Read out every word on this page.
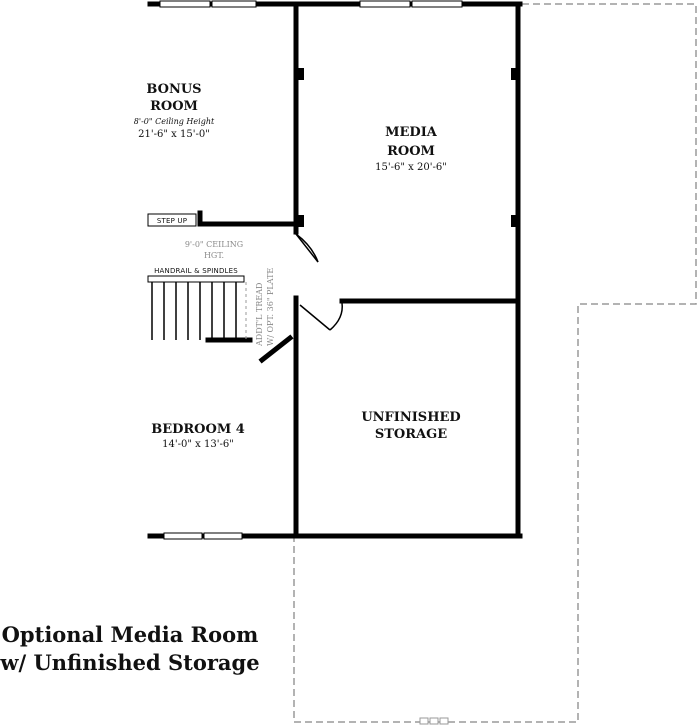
STEP UP
BONUS
ROOM
8'-0" Ceiling Height
21'-6" x 15'-0"	MEDIA
ROOM
15'-6" x 20'-6"
9'-0" CEILING
HGT.
HANDRAIL & SPINDLES
ADDT'L TREAD W/ OPT. 36" PLATE
BEDROOM 4
14'-0" x 13'-6"
UNFINISHED
STORAGE
Optional Media Room
w/ Unfinished Storage
